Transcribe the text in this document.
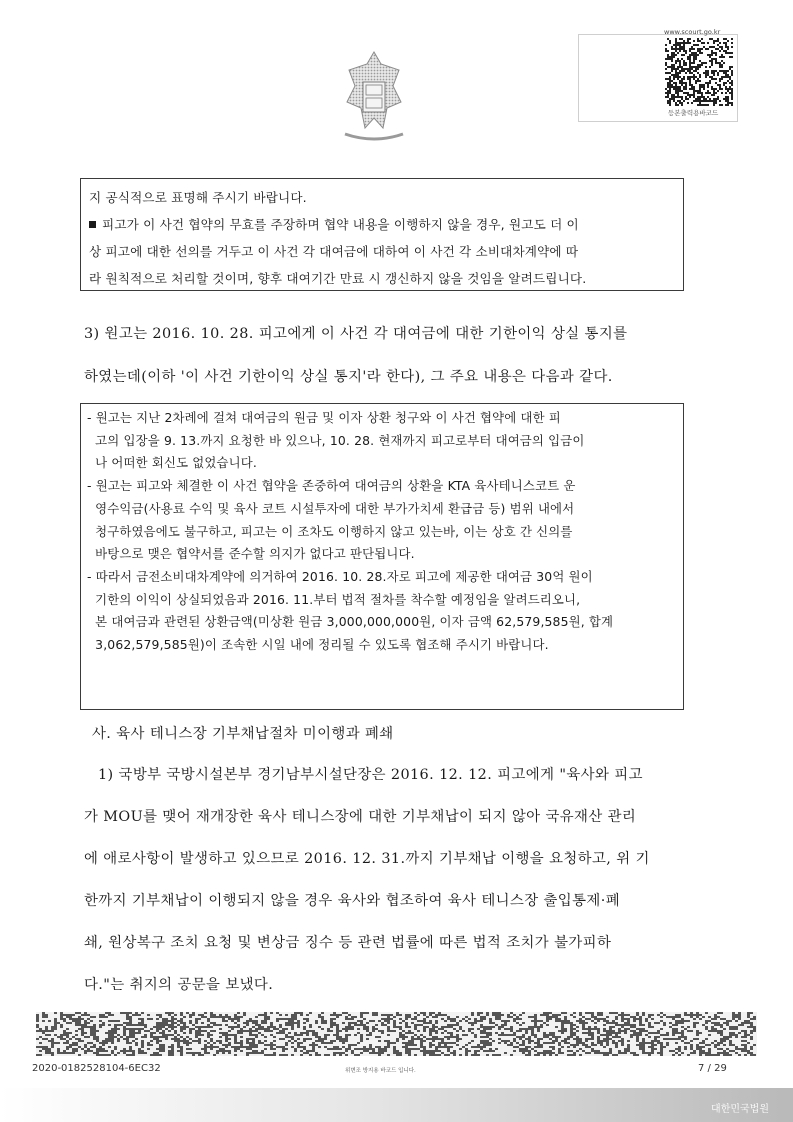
www.scourt.go.kr
등본출력용바코드
지 공식적으로 표명해 주시기 바랍니다.
피고가 이 사건 협약의 무효를 주장하며 협약 내용을 이행하지 않을 경우, 원고도 더 이
상 피고에 대한 선의를 거두고 이 사건 각 대여금에 대하여 이 사건 각 소비대차계약에 따
라 원칙적으로 처리할 것이며, 향후 대여기간 만료 시 갱신하지 않을 것임을 알려드립니다.
3) 원고는 2016. 10. 28. 피고에게 이 사건 각 대여금에 대한 기한이익 상실 통지를
하였는데(이하 '이 사건 기한이익 상실 통지'라 한다), 그 주요 내용은 다음과 같다.
- 원고는 지난 2차례에 걸쳐 대여금의 원금 및 이자 상환 청구와 이 사건 협약에 대한 피
고의 입장을 9. 13.까지 요청한 바 있으나, 10. 28. 현재까지 피고로부터 대여금의 입금이
나 어떠한 회신도 없었습니다.
- 원고는 피고와 체결한 이 사건 협약을 존중하여 대여금의 상환을 KTA 육사테니스코트 운
영수익금(사용료 수익 및 육사 코트 시설투자에 대한 부가가치세 환급금 등) 범위 내에서
청구하였음에도 불구하고, 피고는 이 조차도 이행하지 않고 있는바, 이는 상호 간 신의를
바탕으로 맺은 협약서를 준수할 의지가 없다고 판단됩니다.
- 따라서 금전소비대차계약에 의거하여 2016. 10. 28.자로 피고에 제공한 대여금 30억 원이
기한의 이익이 상실되었음과 2016. 11.부터 법적 절차를 착수할 예정임을 알려드리오니,
본 대여금과 관련된 상환금액(미상환 원금 3,000,000,000원, 이자 금액 62,579,585원, 합계
3,062,579,585원)이 조속한 시일 내에 정리될 수 있도록 협조해 주시기 바랍니다.
사. 육사 테니스장 기부채납절차 미이행과 폐쇄
1) 국방부 국방시설본부 경기남부시설단장은 2016. 12. 12. 피고에게 "육사와 피고
가 MOU를 맺어 재개장한 육사 테니스장에 대한 기부채납이 되지 않아 국유재산 관리
에 애로사항이 발생하고 있으므로 2016. 12. 31.까지 기부채납 이행을 요청하고, 위 기
한까지 기부채납이 이행되지 않을 경우 육사와 협조하여 육사 테니스장 출입통제·폐
쇄, 원상복구 조치 요청 및 변상금 징수 등 관련 법률에 따른 법적 조치가 불가피하
다."는 취지의 공문을 보냈다.
2020-0182528104-6EC32	위변조 방지용 바코드 입니다.	7 / 29
대한민국법원
